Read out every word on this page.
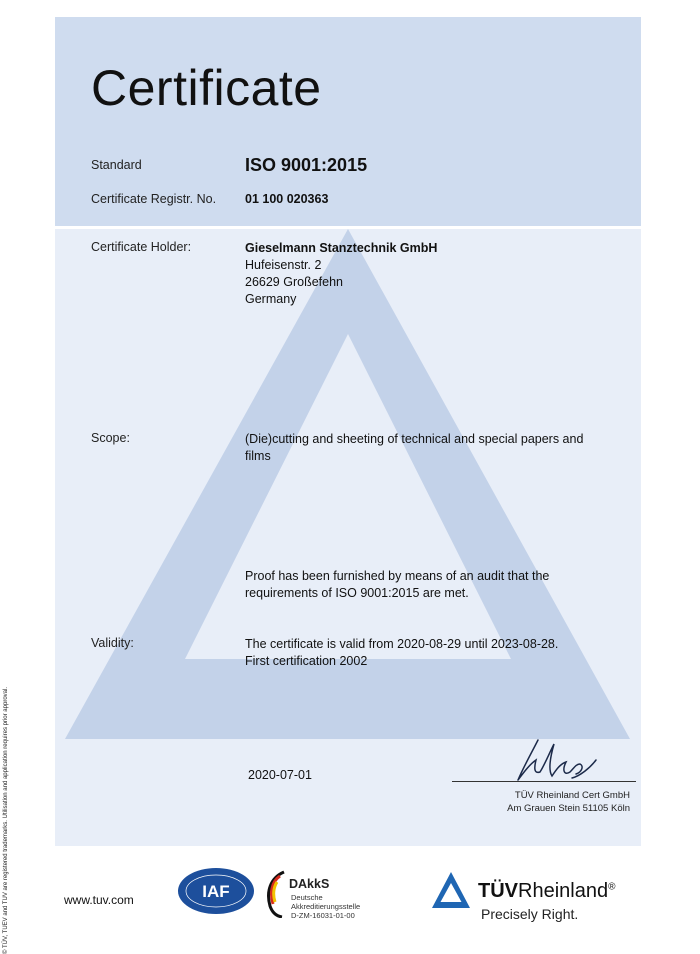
© TÜV, TUEV and TUV are registered trademarks. Utilisation and application requires prior approval.
Certificate
Standard	ISO 9001:2015
Certificate Registr. No. 01 100 020363
Certificate Holder:	Gieselmann Stanztechnik GmbH
Hufeisenstr. 2
26629 Großefehn
Germany
Scope:	(Die)cutting and sheeting of technical and special papers and
films
Proof has been furnished by means of an audit that the
requirements of ISO 9001:2015 are met.
Validity:	The certificate is valid from 2020-08-29 until 2023-08-28.
First certification 2002
2020-07-01
TÜV Rheinland Cert GmbH
Am Grauen Stein 51105 Köln
www.tuv.com	IAF	DAkkS
Deutsche
Akkreditierungsstelle
D-ZM-16031-01-00
TÜVRheinland®
Precisely Right.
